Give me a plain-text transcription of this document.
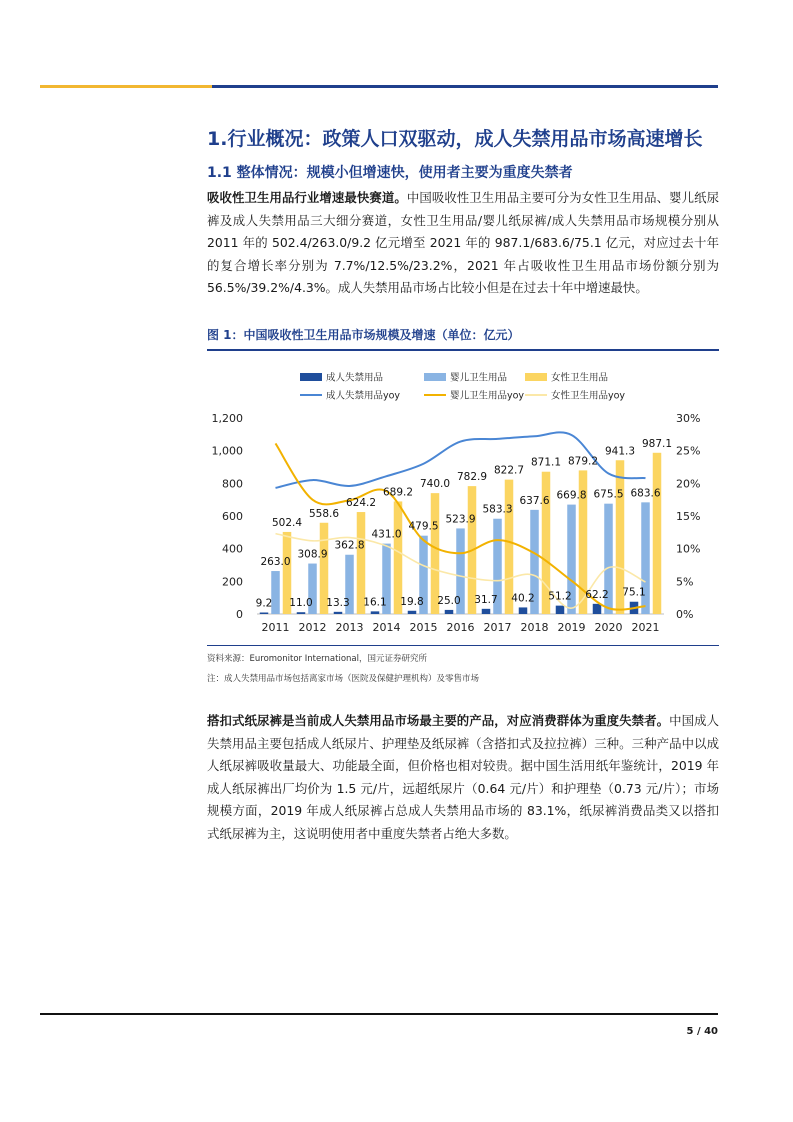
1.行业概况：政策人口双驱动，成人失禁用品市场高速增长
1.1 整体情况：规模小但增速快，使用者主要为重度失禁者
吸收性卫生用品行业增速最快赛道。中国吸收性卫生用品主要可分为女性卫生用品、婴儿纸尿裤及成人失禁用品三大细分赛道，女性卫生用品/婴儿纸尿裤/成人失禁用品市场规模分别从 2011 年的 502.4/263.0/9.2 亿元增至 2021 年的 987.1/683.6/75.1 亿元，对应过去十年的复合增长率分别为 7.7%/12.5%/23.2%，2021 年占吸收性卫生用品市场份额分别为 56.5%/39.2%/4.3%。成人失禁用品市场占比较小但是在过去十年中增速最快。
图 1：中国吸收性卫生用品市场规模及增速（单位：亿元）
0
200
400
600
800
1,000
1,200
0%
5%
10%
15%
20%
25%
30%
2011 2012 2013 2014 2015 2016 2017 2018 2019 2020 2021
9.2 11.0 13.3 16.1 19.8 25.0 31.7 40.2 51.2 62.2 75.1
263.0
308.9
362.8
431.0
479.5
523.9
583.3
637.6 669.8 675.5 683.6
502.4
558.6
624.2
689.2
740.0
782.9
822.7
871.1 879.2
941.3
987.1
成人失禁用品	婴儿卫生用品	女性卫生用品
成人失禁用品yoy	婴儿卫生用品yoy	女性卫生用品yoy
资料来源：Euromonitor International，国元证券研究所
注：成人失禁用品市场包括离家市场（医院及保健护理机构）及零售市场
搭扣式纸尿裤是当前成人失禁用品市场最主要的产品，对应消费群体为重度失禁者。中国成人失禁用品主要包括成人纸尿片、护理垫及纸尿裤（含搭扣式及拉拉裤）三种。三种产品中以成人纸尿裤吸收量最大、功能最全面，但价格也相对较贵。据中国生活用纸年鉴统计，2019 年成人纸尿裤出厂均价为 1.5 元/片，远超纸尿片（0.64 元/片）和护理垫（0.73 元/片）；市场规模方面，2019 年成人纸尿裤占总成人失禁用品市场的 83.1%，纸尿裤消费品类又以搭扣式纸尿裤为主，这说明使用者中重度失禁者占绝大多数。
5 / 40
